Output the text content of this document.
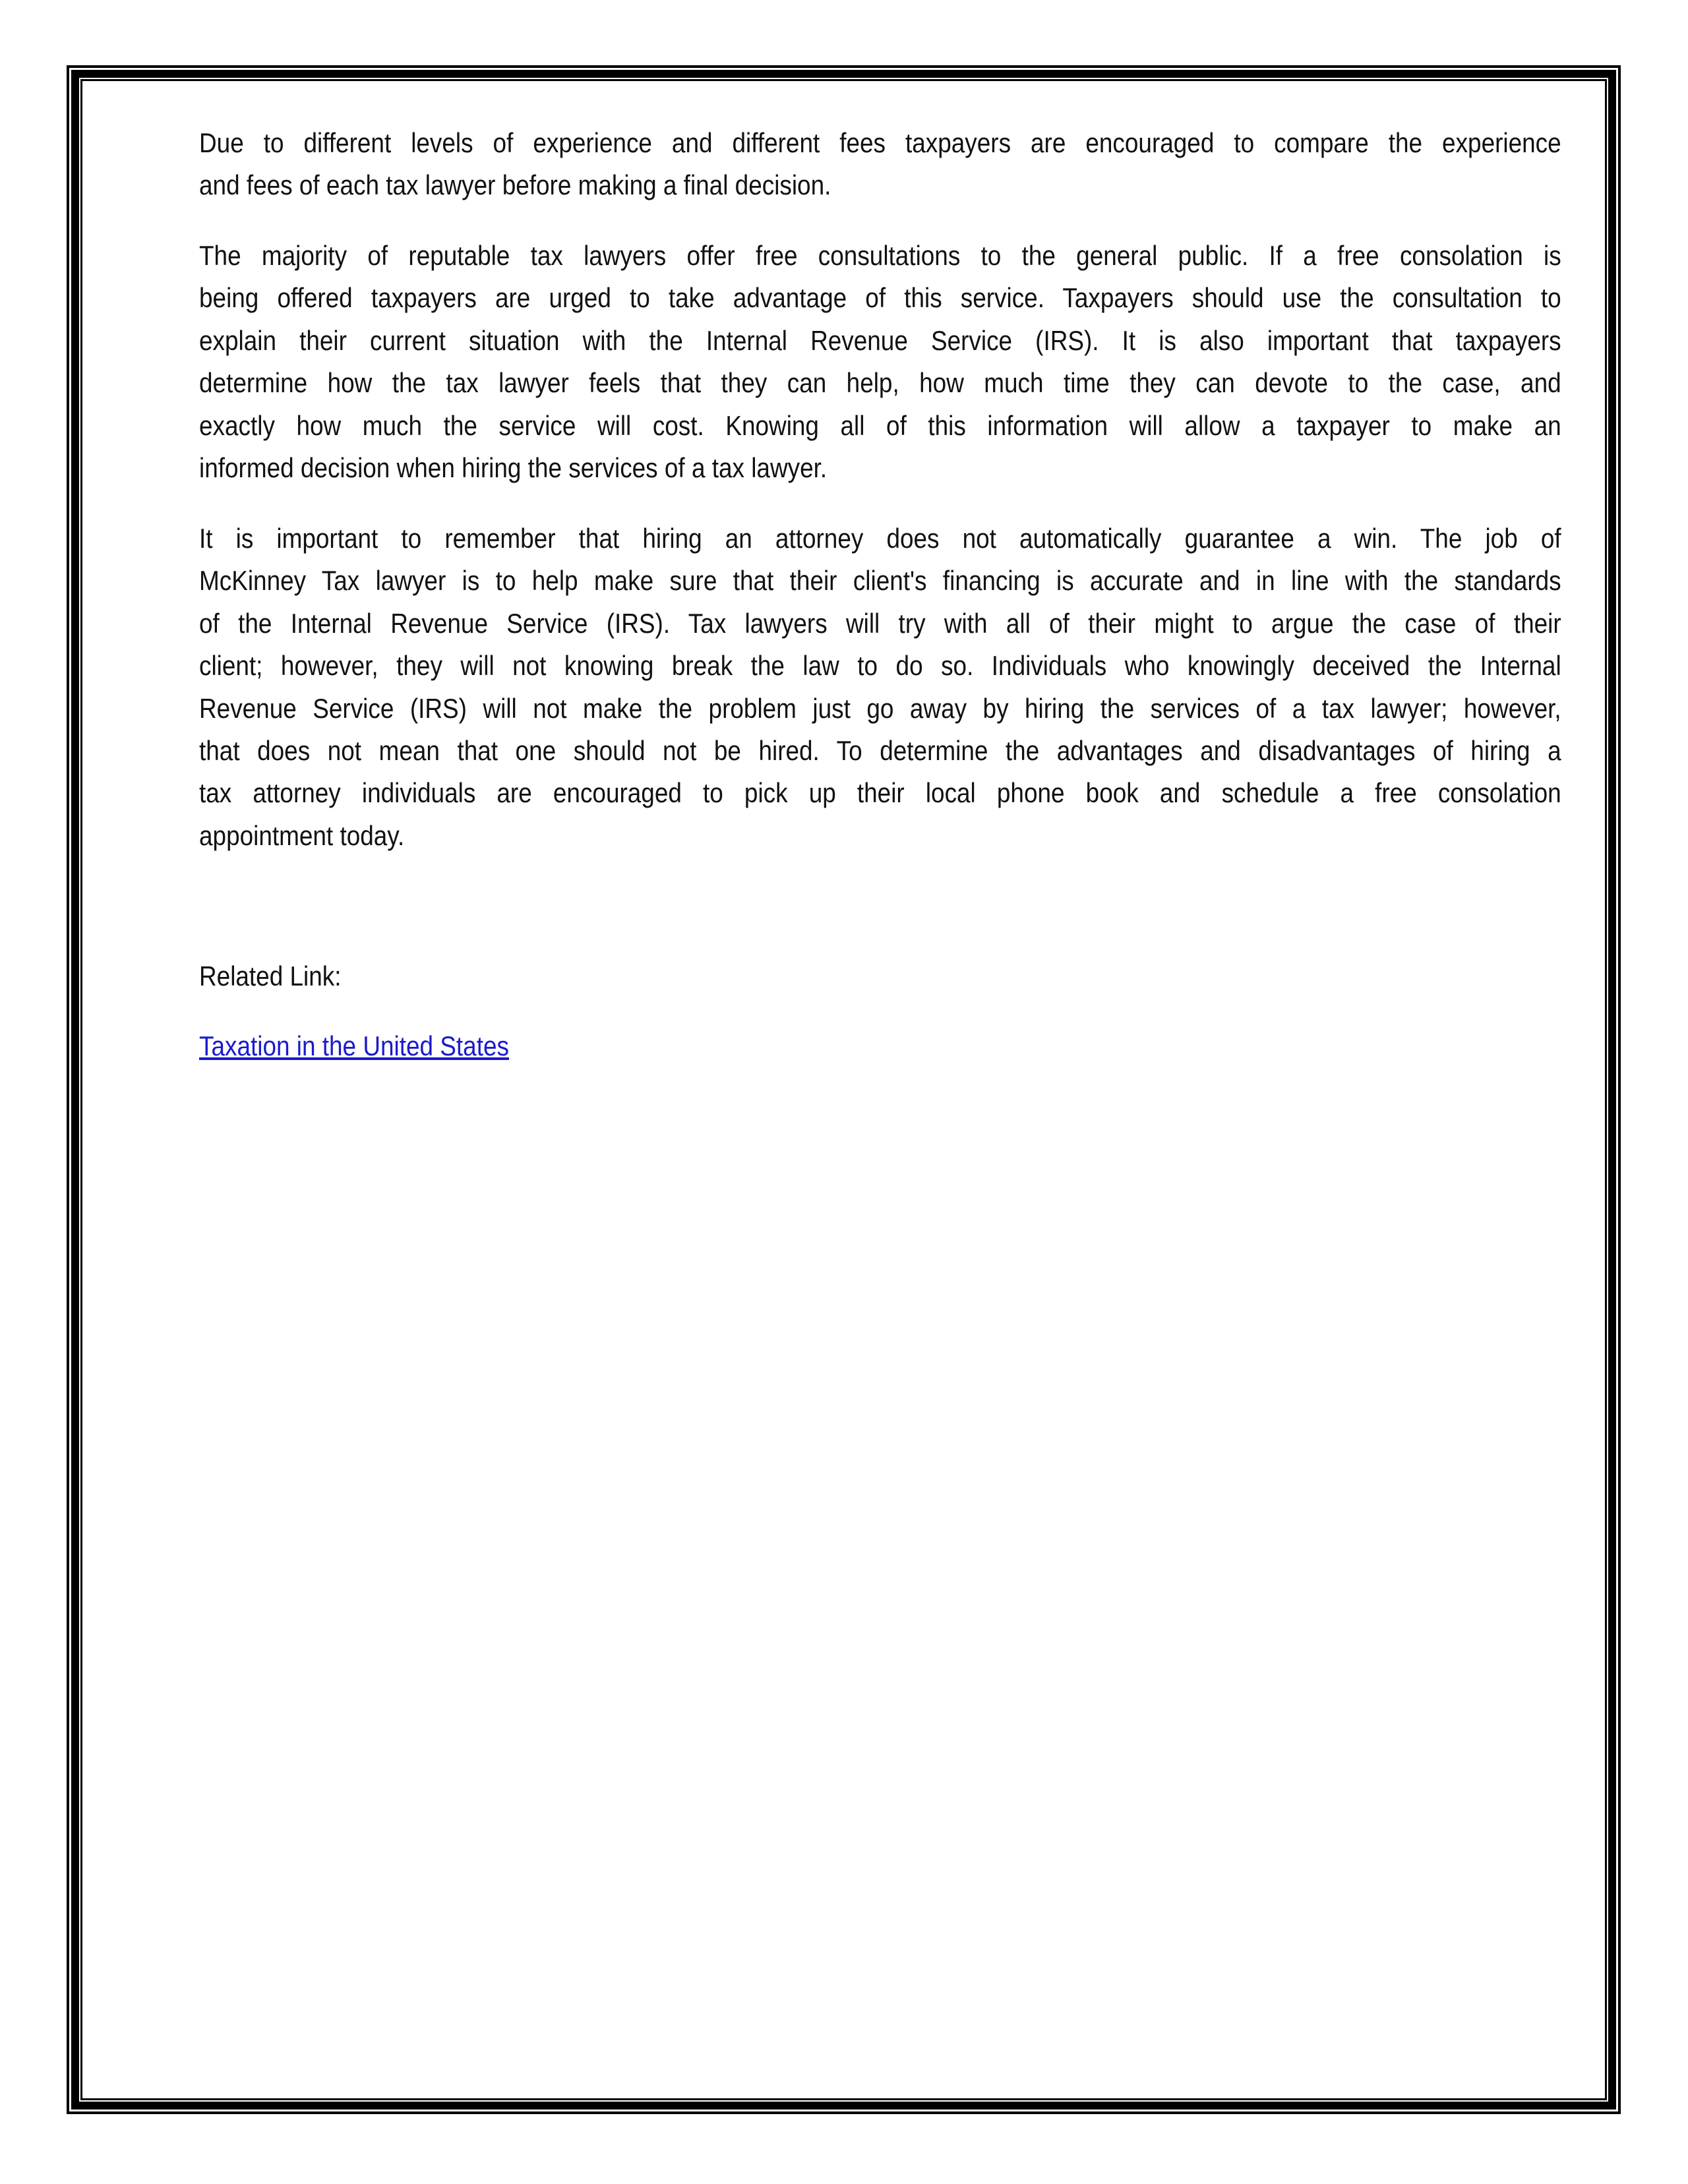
Due to different levels of experience and different fees taxpayers are encouraged to compare the experience
and fees of each tax lawyer before making a final decision.
The majority of reputable tax lawyers offer free consultations to the general public. If a free consolation is
being offered taxpayers are urged to take advantage of this service. Taxpayers should use the consultation to
explain their current situation with the Internal Revenue Service (IRS). It is also important that taxpayers
determine how the tax lawyer feels that they can help, how much time they can devote to the case, and
exactly how much the service will cost. Knowing all of this information will allow a taxpayer to make an
informed decision when hiring the services of a tax lawyer.
It is important to remember that hiring an attorney does not automatically guarantee a win. The job of
McKinney Tax lawyer is to help make sure that their client's financing is accurate and in line with the standards
of the Internal Revenue Service (IRS). Tax lawyers will try with all of their might to argue the case of their
client; however, they will not knowing break the law to do so. Individuals who knowingly deceived the Internal
Revenue Service (IRS) will not make the problem just go away by hiring the services of a tax lawyer; however,
that does not mean that one should not be hired. To determine the advantages and disadvantages of hiring a
tax attorney individuals are encouraged to pick up their local phone book and schedule a free consolation
appointment today.
Related Link:
Taxation in the United States
